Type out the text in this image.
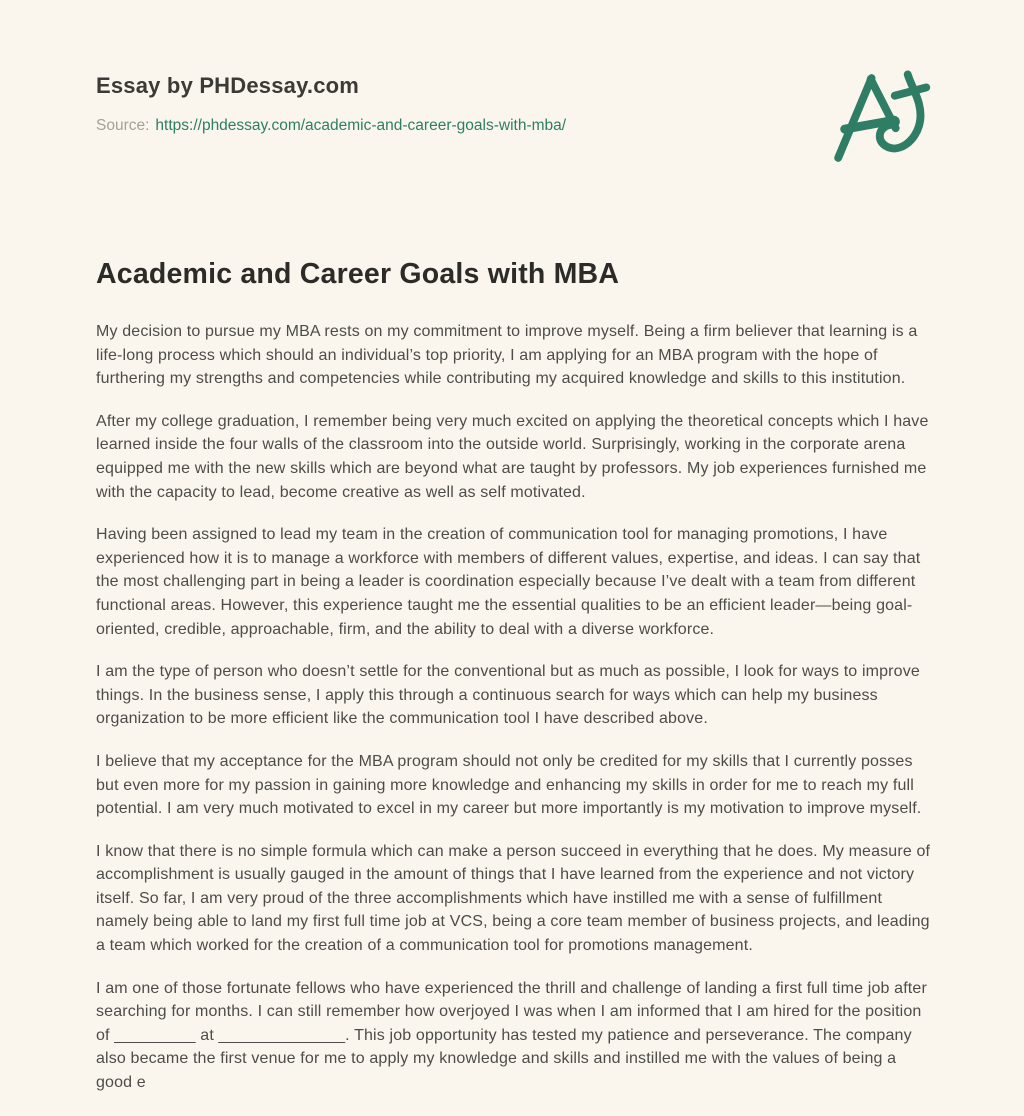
Essay by PHDessay.com
Source: https://phdessay.com/academic-and-career-goals-with-mba/
Academic and Career Goals with MBA

My decision to pursue my MBA rests on my commitment to improve myself. Being a firm believer that learning is a life-long process which should an individual’s top priority, I am applying for an MBA program with the hope of furthering my strengths and competencies while contributing my acquired knowledge and skills to this institution.

After my college graduation, I remember being very much excited on applying the theoretical concepts which I have learned inside the four walls of the classroom into the outside world. Surprisingly, working in the corporate arena equipped me with the new skills which are beyond what are taught by professors. My job experiences furnished me with the capacity to lead, become creative as well as self motivated.

Having been assigned to lead my team in the creation of communication tool for managing promotions, I have experienced how it is to manage a workforce with members of different values, expertise, and ideas. I can say that the most challenging part in being a leader is coordination especially because I’ve dealt with a team from different functional areas. However, this experience taught me the essential qualities to be an efficient leader—being goal-oriented, credible, approachable, firm, and the ability to deal with a diverse workforce.

I am the type of person who doesn’t settle for the conventional but as much as possible, I look for ways to improve things. In the business sense, I apply this through a continuous search for ways which can help my business organization to be more efficient like the communication tool I have described above.

I believe that my acceptance for the MBA program should not only be credited for my skills that I currently posses but even more for my passion in gaining more knowledge and enhancing my skills in order for me to reach my full potential. I am very much motivated to excel in my career but more importantly is my motivation to improve myself.

I know that there is no simple formula which can make a person succeed in everything that he does. My measure of accomplishment is usually gauged in the amount of things that I have learned from the experience and not victory itself. So far, I am very proud of the three accomplishments which have instilled me with a sense of fulfillment namely being able to land my first full time job at VCS, being a core team member of business projects, and leading a team which worked for the creation of a communication tool for promotions management.

I am one of those fortunate fellows who have experienced the thrill and challenge of landing a first full time job after searching for months. I can still remember how overjoyed I was when I am informed that I am hired for the position of _________ at ______________. This job opportunity has tested my patience and perseverance. The company also became the first venue for me to apply my knowledge and skills and instilled me with the values of being a good e
